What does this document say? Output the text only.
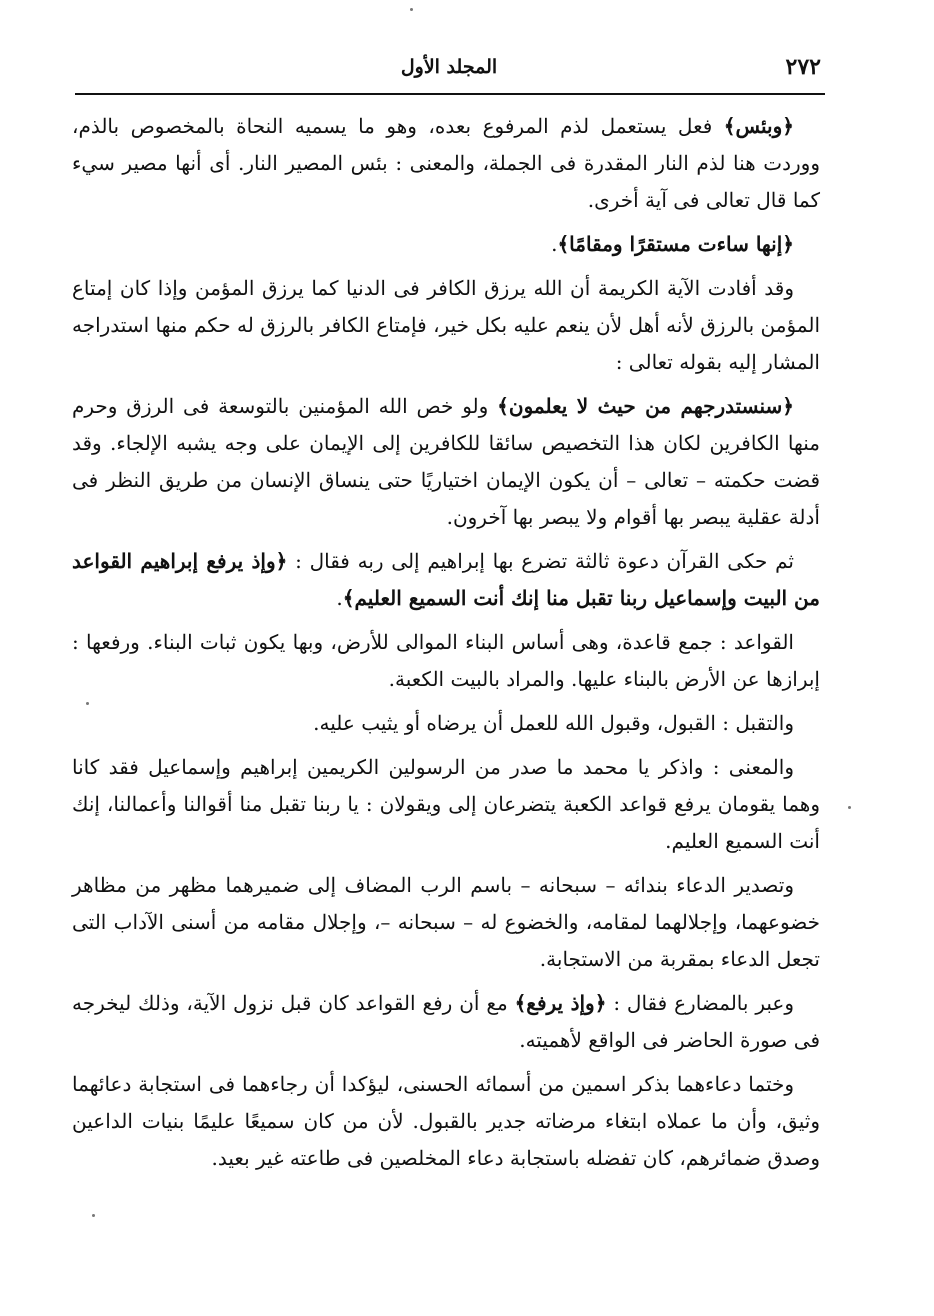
٢٧٢
المجلد الأول

﴿وبئس﴾ فعل يستعمل لذم المرفوع بعده، وهو ما يسميه النحاة بالمخصوص بالذم، ووردت هنا لذم النار المقدرة فى الجملة، والمعنى : بئس المصير النار. أى أنها مصير سيء كما قال تعالى فى آية أخرى.

﴿إنها ساءت مستقرًا ومقامًا﴾.

وقد أفادت الآية الكريمة أن الله يرزق الكافر فى الدنيا كما يرزق المؤمن وإذا كان إمتاع المؤمن بالرزق لأنه أهل لأن ينعم عليه بكل خير، فإمتاع الكافر بالرزق له حكم منها استدراجه المشار إليه بقوله تعالى :

﴿سنستدرجهم من حيث لا يعلمون﴾ ولو خص الله المؤمنين بالتوسعة فى الرزق وحرم منها الكافرين لكان هذا التخصيص سائقا للكافرين إلى الإيمان على وجه يشبه الإلجاء. وقد قضت حكمته – تعالى – أن يكون الإيمان اختياريًا حتى ينساق الإنسان من طريق النظر فى أدلة عقلية يبصر بها أقوام ولا يبصر بها آخرون.

ثم حكى القرآن دعوة ثالثة تضرع بها إبراهيم إلى ربه فقال : ﴿وإذ يرفع إبراهيم القواعد من البيت وإسماعيل ربنا تقبل منا إنك أنت السميع العليم﴾.

القواعد : جمع قاعدة، وهى أساس البناء الموالى للأرض، وبها يكون ثبات البناء. ورفعها : إبرازها عن الأرض بالبناء عليها. والمراد بالبيت الكعبة.

والتقبل : القبول، وقبول الله للعمل أن يرضاه أو يثيب عليه.

والمعنى : واذكر يا محمد ما صدر من الرسولين الكريمين إبراهيم وإسماعيل فقد كانا وهما يقومان يرفع قواعد الكعبة يتضرعان إلى ويقولان : يا ربنا تقبل منا أقوالنا وأعمالنا، إنك أنت السميع العليم.

وتصدير الدعاء بندائه – سبحانه – باسم الرب المضاف إلى ضميرهما مظهر من مظاهر خضوعهما، وإجلالهما لمقامه، والخضوع له – سبحانه –، وإجلال مقامه من أسنى الآداب التى تجعل الدعاء بمقربة من الاستجابة.

وعبر بالمضارع فقال : ﴿وإذ يرفع﴾ مع أن رفع القواعد كان قبل نزول الآية، وذلك ليخرجه فى صورة الحاضر فى الواقع لأهميته.

وختما دعاءهما بذكر اسمين من أسمائه الحسنى، ليؤكدا أن رجاءهما فى استجابة دعائهما وثيق، وأن ما عملاه ابتغاء مرضاته جدير بالقبول. لأن من كان سميعًا عليمًا بنيات الداعين وصدق ضمائرهم، كان تفضله باستجابة دعاء المخلصين فى طاعته غير بعيد.
